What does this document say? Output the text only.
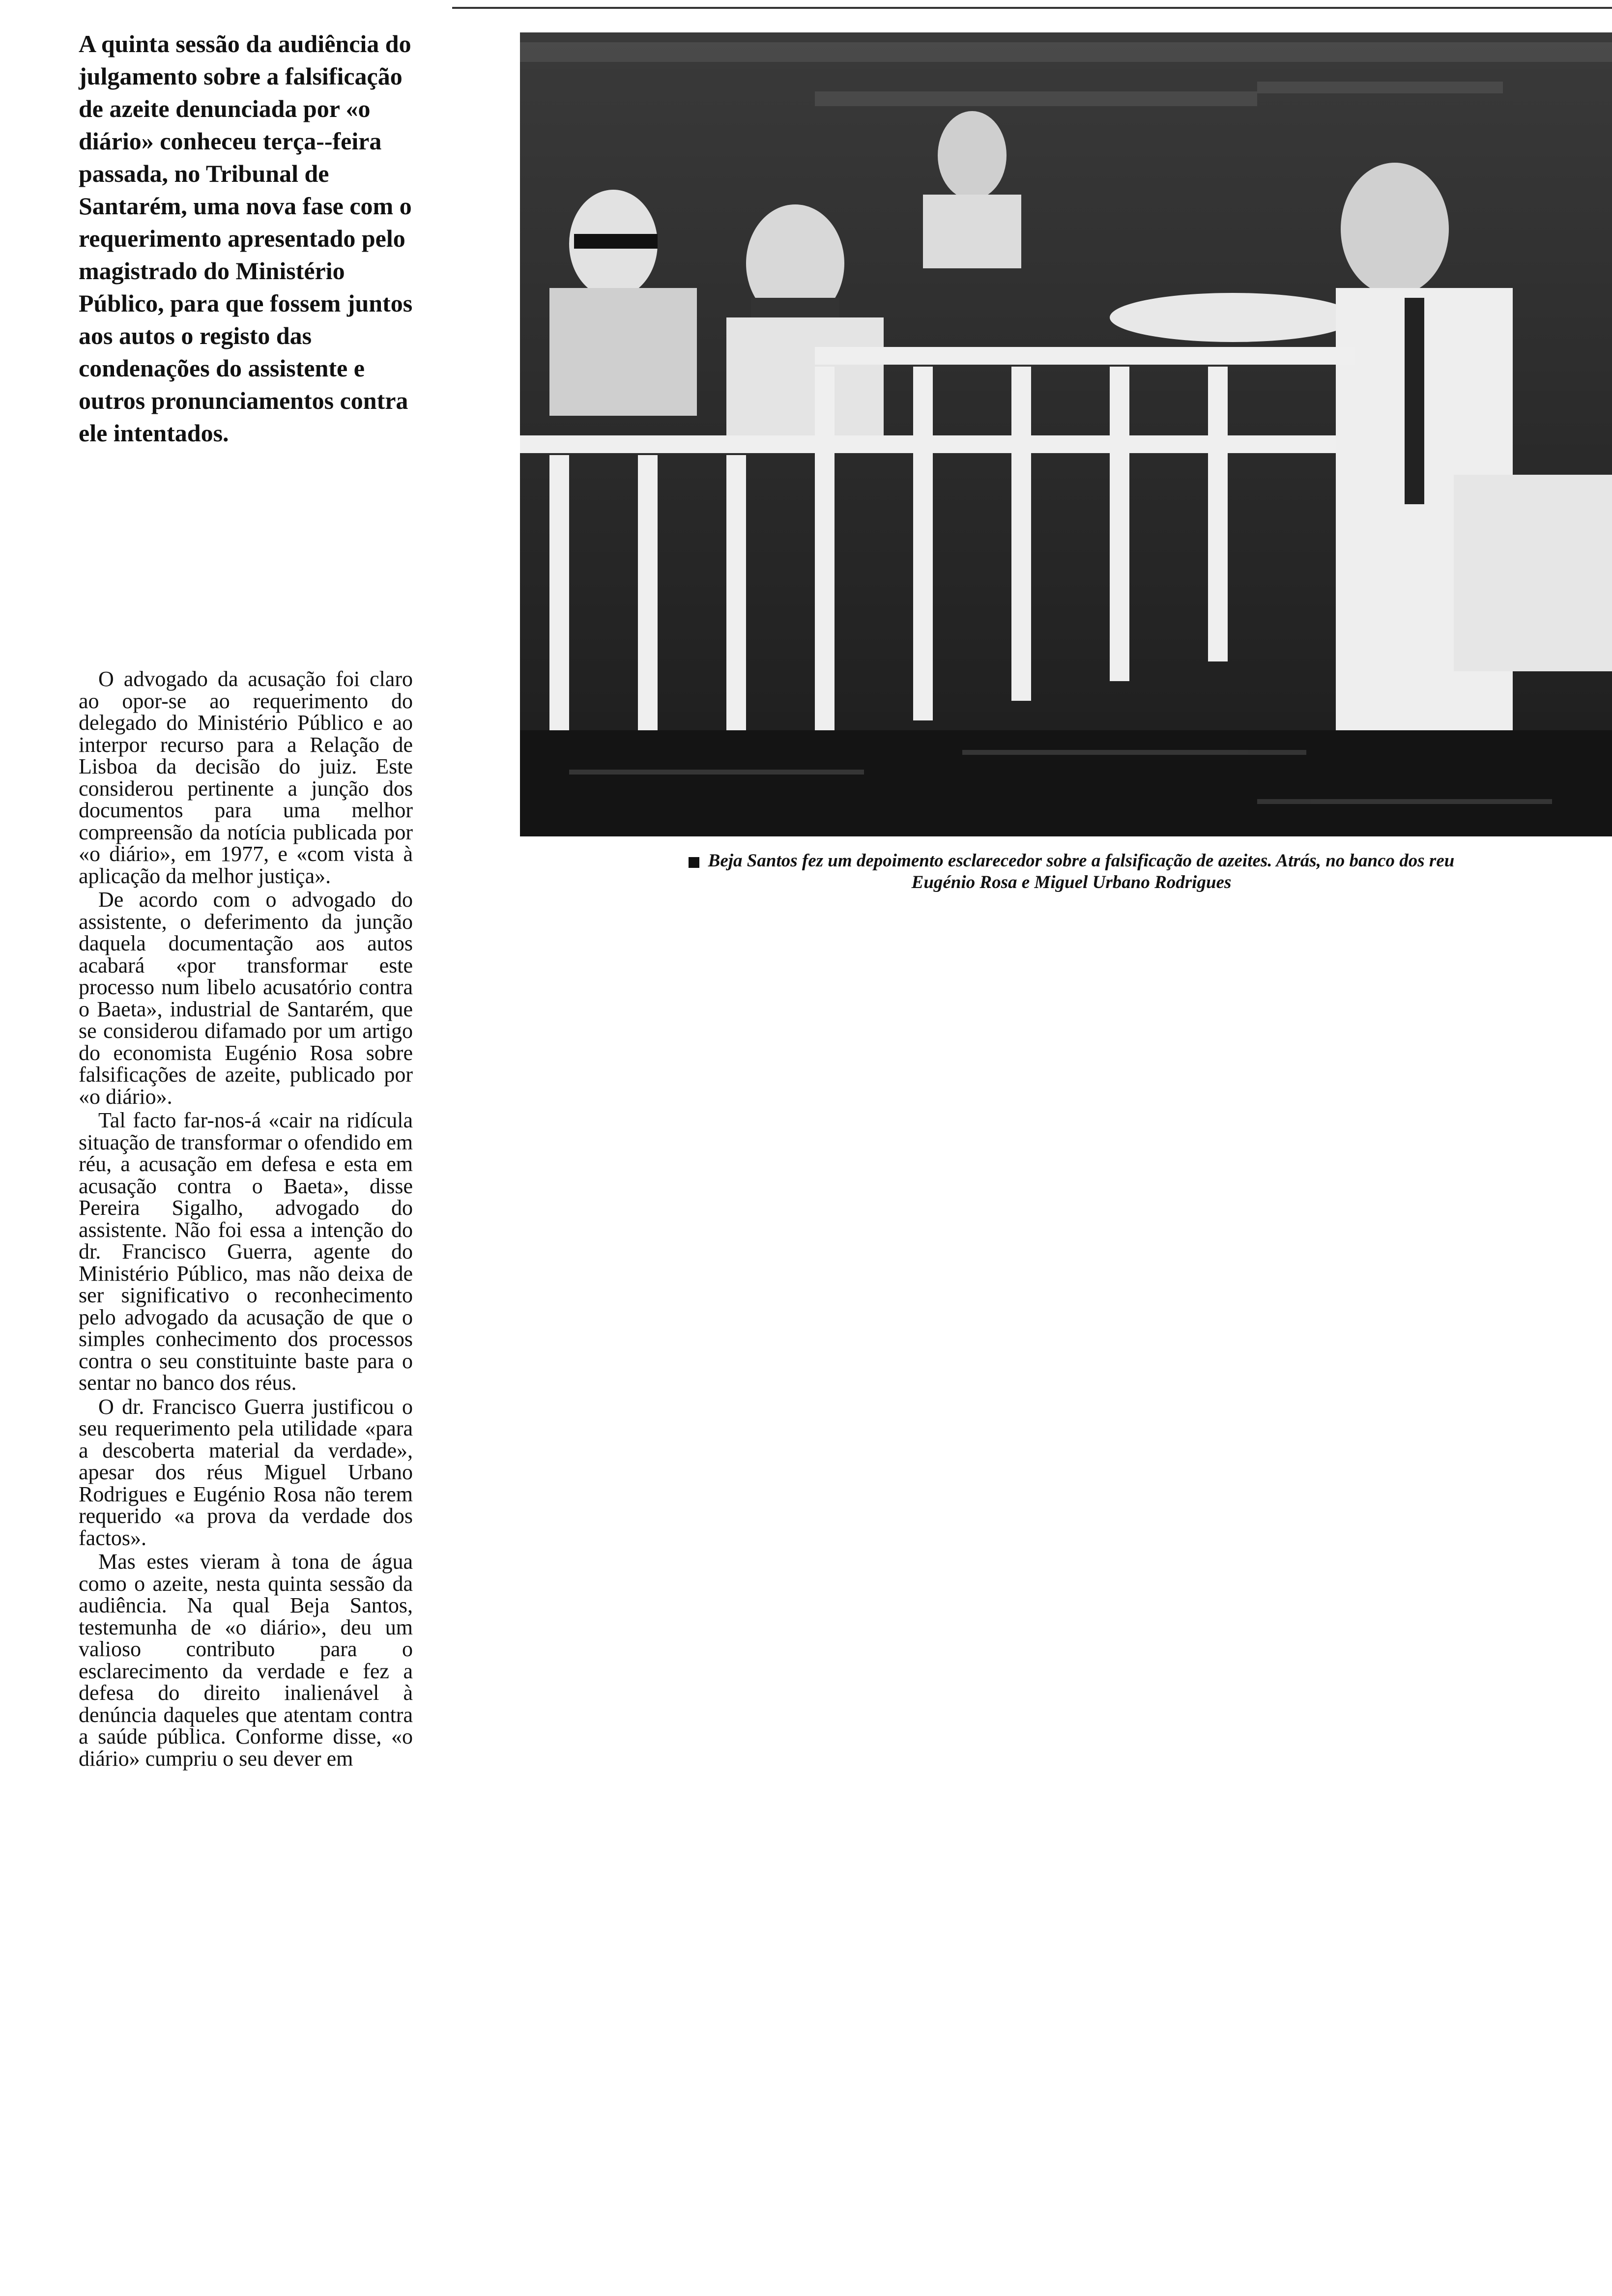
A quinta sessão da audiência do julgamento sobre a falsificação de azeite denunciada por «o diário» conheceu terça--feira passada, no Tribunal de Santarém, uma nova fase com o requerimento apresentado pelo magistrado do Ministério Público, para que fossem juntos aos autos o registo das condenações do assistente e outros pronunciamentos contra ele intentados.

O advogado da acusação foi claro ao opor-se ao requerimento do delegado do Ministério Público e ao interpor recurso para a Relação de Lisboa da decisão do juiz. Este considerou pertinente a junção dos documentos para uma melhor compreensão da notícia publicada por «o diário», em 1977, e «com vista à aplicação da melhor justiça».

De acordo com o advogado do assistente, o deferimento da junção daquela documentação aos autos acabará «por transformar este processo num libelo acusatório contra o Baeta», industrial de Santarém, que se considerou difamado por um artigo do economista Eugénio Rosa sobre falsificações de azeite, publicado por «o diário».

Tal facto far-nos-á «cair na ridícula situação de transformar o ofendido em réu, a acusação em defesa e esta em acusação contra o Baeta», disse Pereira Sigalho, advogado do assistente. Não foi essa a intenção do dr. Francisco Guerra, agente do Ministério Público, mas não deixa de ser significativo o reconhecimento pelo advogado da acusação de que o simples conhecimento dos processos contra o seu constituinte baste para o sentar no banco dos réus.

O dr. Francisco Guerra justificou o seu requerimento pela utilidade «para a descoberta material da verdade», apesar dos réus Miguel Urbano Rodrigues e Eugénio Rosa não terem requerido «a prova da verdade dos factos».

Mas estes vieram à tona de água como o azeite, nesta quinta sessão da audiência. Na qual Beja Santos, testemunha de «o diário», deu um valioso contributo para o esclarecimento da verdade e fez a defesa do direito inalienável à denúncia daqueles que atentam contra a saúde pública. Conforme disse, «o diário» cumpriu o seu dever em

Beja Santos fez um depoimento esclarecedor sobre a falsificação de azeites. Atrás, no banco dos reu
Eugénio Rosa e Miguel Urbano Rodrigues
